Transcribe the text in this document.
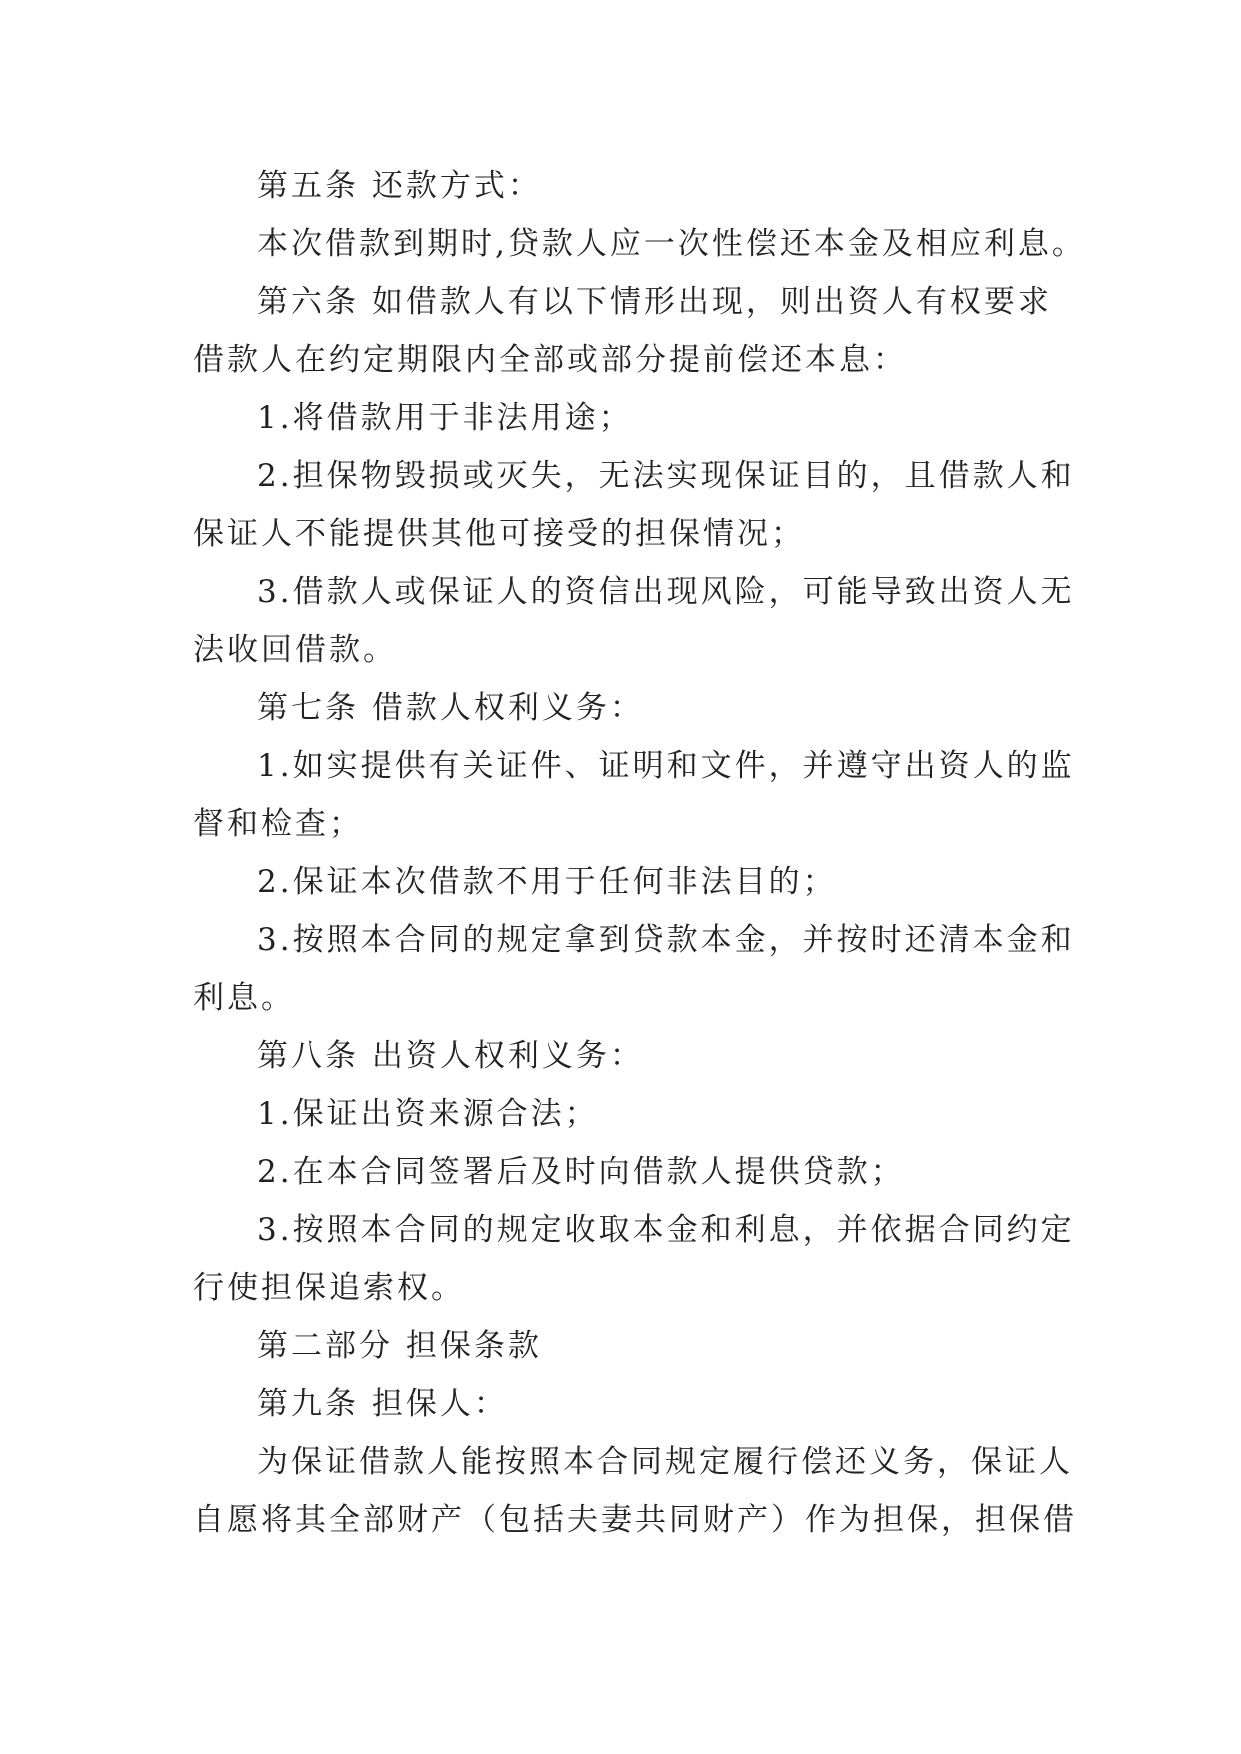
第五条 还款方式：
本次借款到期时,贷款人应一次性偿还本金及相应利息。
第六条 如借款人有以下情形出现，则出资人有权要求
借款人在约定期限内全部或部分提前偿还本息：
1.将借款用于非法用途；
2.担保物毁损或灭失，无法实现保证目的，且借款人和
保证人不能提供其他可接受的担保情况；
3.借款人或保证人的资信出现风险，可能导致出资人无
法收回借款。
第七条 借款人权利义务：
1.如实提供有关证件、证明和文件，并遵守出资人的监
督和检查；
2.保证本次借款不用于任何非法目的；
3.按照本合同的规定拿到贷款本金，并按时还清本金和
利息。
第八条 出资人权利义务：
1.保证出资来源合法；
2.在本合同签署后及时向借款人提供贷款；
3.按照本合同的规定收取本金和利息，并依据合同约定
行使担保追索权。
第二部分 担保条款
第九条 担保人：
为保证借款人能按照本合同规定履行偿还义务，保证人
自愿将其全部财产（包括夫妻共同财产）作为担保，担保借
